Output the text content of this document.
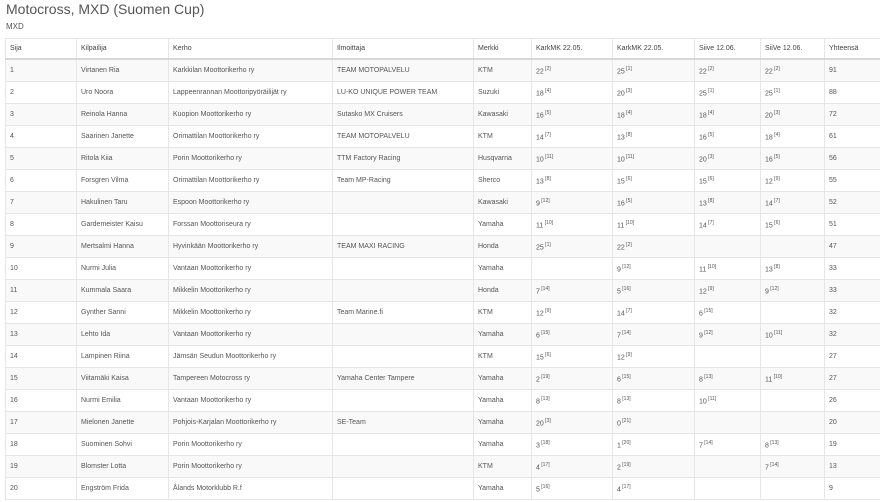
Motocross, MXD (Suomen Cup)
MXD
Sija	Kilpailija	Kerho	Ilmoittaja	Merkki	KarkMK 22.05.	KarkMK 22.05.	Siive 12.06.	SiiVe 12.06.	Yhteensä
1	Virtanen Ria	Karkkilan Moottorikerho ry	TEAM MOTOPALVELU	KTM	22 [2]	25 [1]	22 [2]	22 [2]	91
2	Uro Noora	Lappeenrannan Moottoripyöräilijät ry	LU-KO UNIQUE POWER TEAM	Suzuki	18 [4]	20 [3]	25 [1]	25 [1]	88
3	Reinola Hanna	Kuopion Moottorikerho ry	Sutasko MX Cruisers	Kawasaki	16 [5]	18 [4]	18 [4]	20 [3]	72
4	Saarinen Janette	Orimattilan Moottorikerho ry	TEAM MOTOPALVELU	KTM	14 [7]	13 [8]	16 [5]	18 [4]	61
5	Ritola Kiia	Porin Moottorikerho ry	TTM Factory Racing	Husqvarna	10 [11]	10 [11]	20 [3]	16 [5]	56
6	Forsgren Vilma	Orimattilan Moottorikerho ry	Team MP-Racing	Sherco	13 [8]	15 [6]	15 [6]	12 [9]	55
7	Hakulinen Taru	Espoon Moottorikerho ry		Kawasaki	9 [12]	16 [5]	13 [8]	14 [7]	52
8	Gardemeister Kaisu	Forssan Moottoriseura ry		Yamaha	11 [10]	11 [10]	14 [7]	15 [6]	51
9	Mertsalmi Hanna	Hyvinkään Moottorikerho ry	TEAM MAXI RACING	Honda	25 [1]	22 [2]			47
10	Nurmi Julia	Vantaan Moottorikerho ry		Yamaha		9 [12]	11 [10]	13 [8]	33
11	Kummala Saara	Mikkelin Moottorikerho ry		Honda	7 [14]	5 [16]	12 [9]	9 [12]	33
12	Gynther Sanni	Mikkelin Moottorikerho ry	Team Marine.fi	KTM	12 [9]	14 [7]	6 [15]		32
13	Lehto Ida	Vantaan Moottorikerho ry		Yamaha	6 [15]	7 [14]	9 [12]	10 [11]	32
14	Lampinen Riina	Jämsän Seudun Moottorikerho ry		KTM	15 [6]	12 [9]			27
15	Viitamäki Kaisa	Tampereen Motocross ry	Yamaha Center Tampere	Yamaha	2 [19]	6 [15]	8 [13]	11 [10]	27
16	Nurmi Emilia	Vantaan Moottorikerho ry		Yamaha	8 [13]	8 [13]	10 [11]		26
17	Mielonen Janette	Pohjois-Karjalan Moottorikerho ry	SE-Team	Yamaha	20 [3]	0 [21]			20
18	Suominen Sohvi	Porin Moottorikerho ry		Yamaha	3 [18]	1 [20]	7 [14]	8 [13]	19
19	Blomster Lotta	Porin Moottorikerho ry		KTM	4 [17]	2 [19]		7 [14]	13
20	Engström Frida	Ålands Motorklubb R.f		Yamaha	5 [16]	4 [17]			9
